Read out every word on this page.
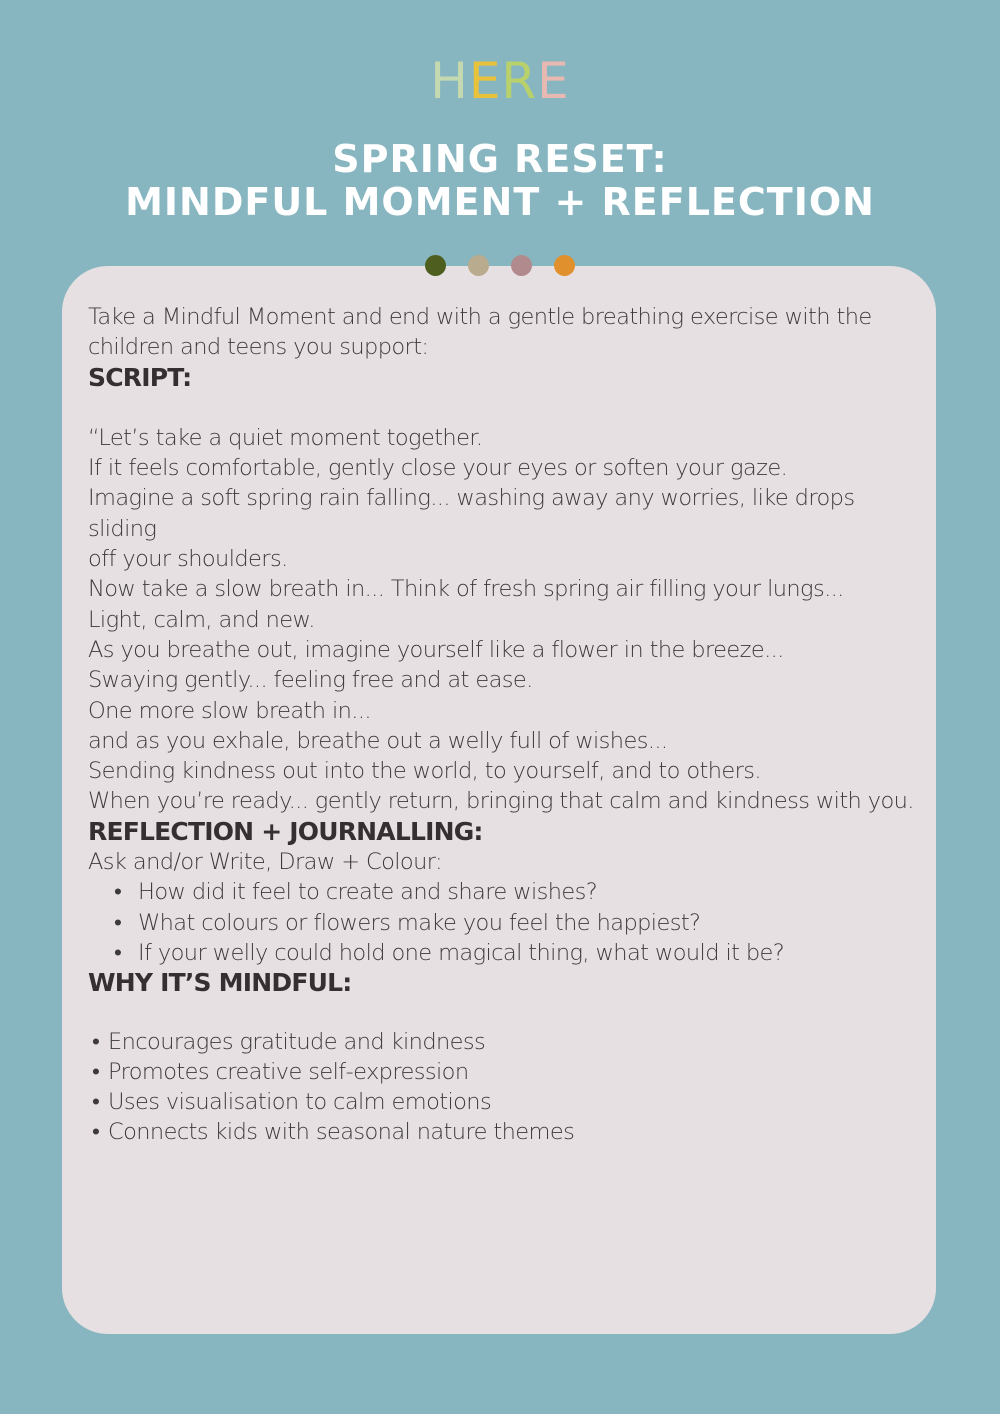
HERE
SPRING RESET:
MINDFUL MOMENT + REFLECTION

Take a Mindful Moment and end with a gentle breathing exercise with the

children and teens you support:

SCRIPT:

“Let’s take a quiet moment together.

If it feels comfortable, gently close your eyes or soften your gaze.

Imagine a soft spring rain falling... washing away any worries, like drops sliding

off your shoulders.

Now take a slow breath in... Think of fresh spring air filling your lungs...

Light, calm, and new.

As you breathe out, imagine yourself like a flower in the breeze...

Swaying gently... feeling free and at ease.

One more slow breath in...

and as you exhale, breathe out a welly full of wishes...

Sending kindness out into the world, to yourself, and to others.

When you’re ready... gently return, bringing that calm and kindness with you.

REFLECTION + JOURNALLING:

Ask and/or Write, Draw + Colour:

• How did it feel to create and share wishes?
• What colours or flowers make you feel the happiest?
• If your welly could hold one magical thing, what would it be?

WHY IT’S MINDFUL:

• Encourages gratitude and kindness
• Promotes creative self-expression
• Uses visualisation to calm emotions
• Connects kids with seasonal nature themes
